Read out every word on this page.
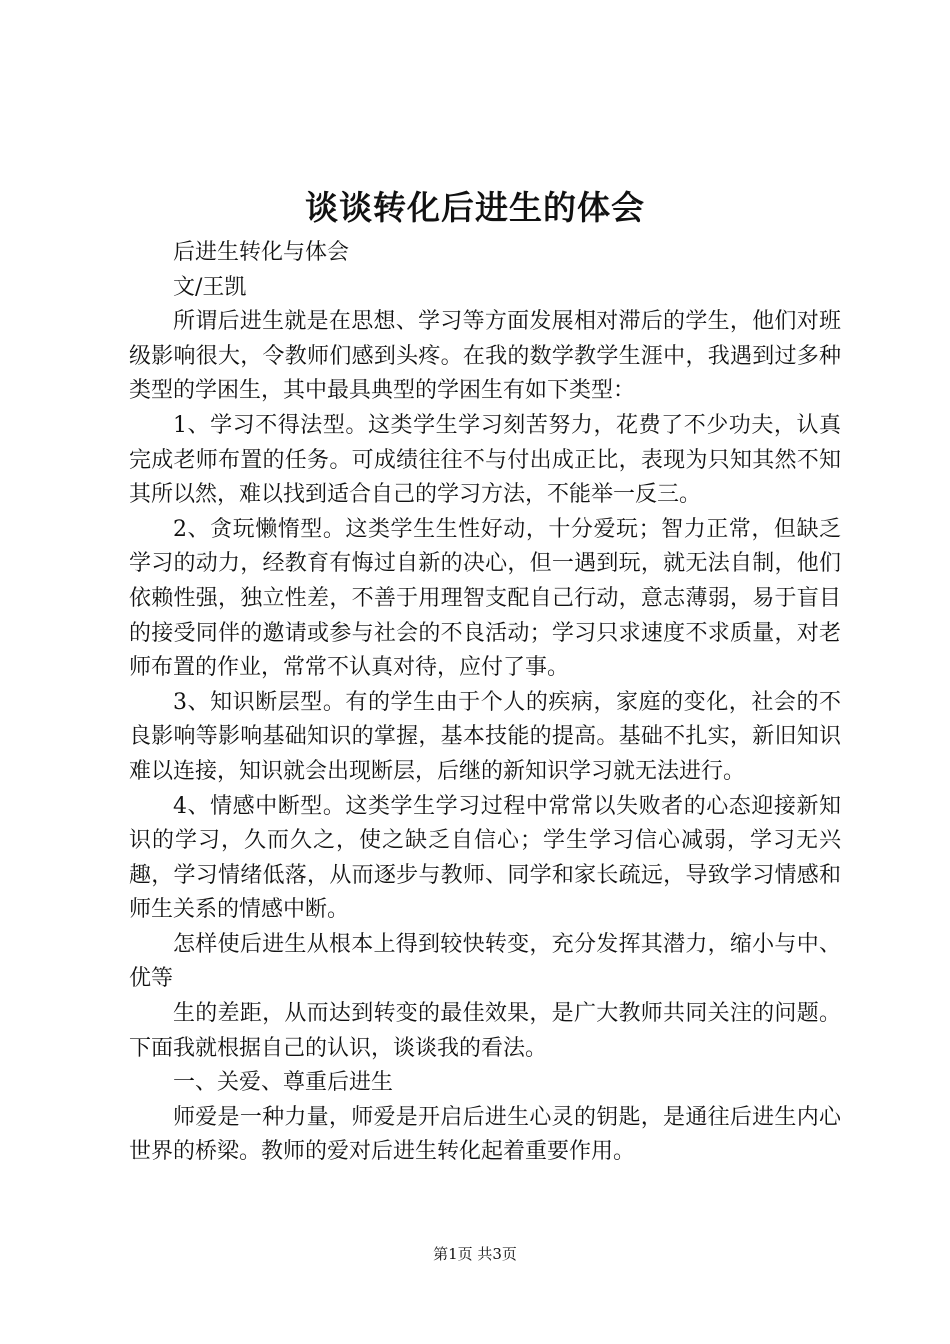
谈谈转化后进生的体会

后进生转化与体会

文/王凯

所谓后进生就是在思想、学习等方面发展相对滞后的学生，他们对班级影响很大，令教师们感到头疼。在我的数学教学生涯中，我遇到过多种类型的学困生，其中最具典型的学困生有如下类型：

1、学习不得法型。这类学生学习刻苦努力，花费了不少功夫，认真完成老师布置的任务。可成绩往往不与付出成正比，表现为只知其然不知其所以然，难以找到适合自己的学习方法，不能举一反三。

2、贪玩懒惰型。这类学生生性好动，十分爱玩；智力正常，但缺乏学习的动力，经教育有悔过自新的决心，但一遇到玩，就无法自制，他们依赖性强，独立性差，不善于用理智支配自己行动，意志薄弱，易于盲目的接受同伴的邀请或参与社会的不良活动；学习只求速度不求质量，对老师布置的作业，常常不认真对待，应付了事。

3、知识断层型。有的学生由于个人的疾病，家庭的变化，社会的不良影响等影响基础知识的掌握，基本技能的提高。基础不扎实，新旧知识难以连接，知识就会出现断层，后继的新知识学习就无法进行。

4、情感中断型。这类学生学习过程中常常以失败者的心态迎接新知识的学习，久而久之，使之缺乏自信心；学生学习信心减弱，学习无兴趣，学习情绪低落，从而逐步与教师、同学和家长疏远，导致学习情感和师生关系的情感中断。

怎样使后进生从根本上得到较快转变，充分发挥其潜力，缩小与中、优等

生的差距，从而达到转变的最佳效果，是广大教师共同关注的问题。下面我就根据自己的认识，谈谈我的看法。

一、关爱、尊重后进生

师爱是一种力量，师爱是开启后进生心灵的钥匙，是通往后进生内心世界的桥梁。教师的爱对后进生转化起着重要作用。

第1页 共3页
